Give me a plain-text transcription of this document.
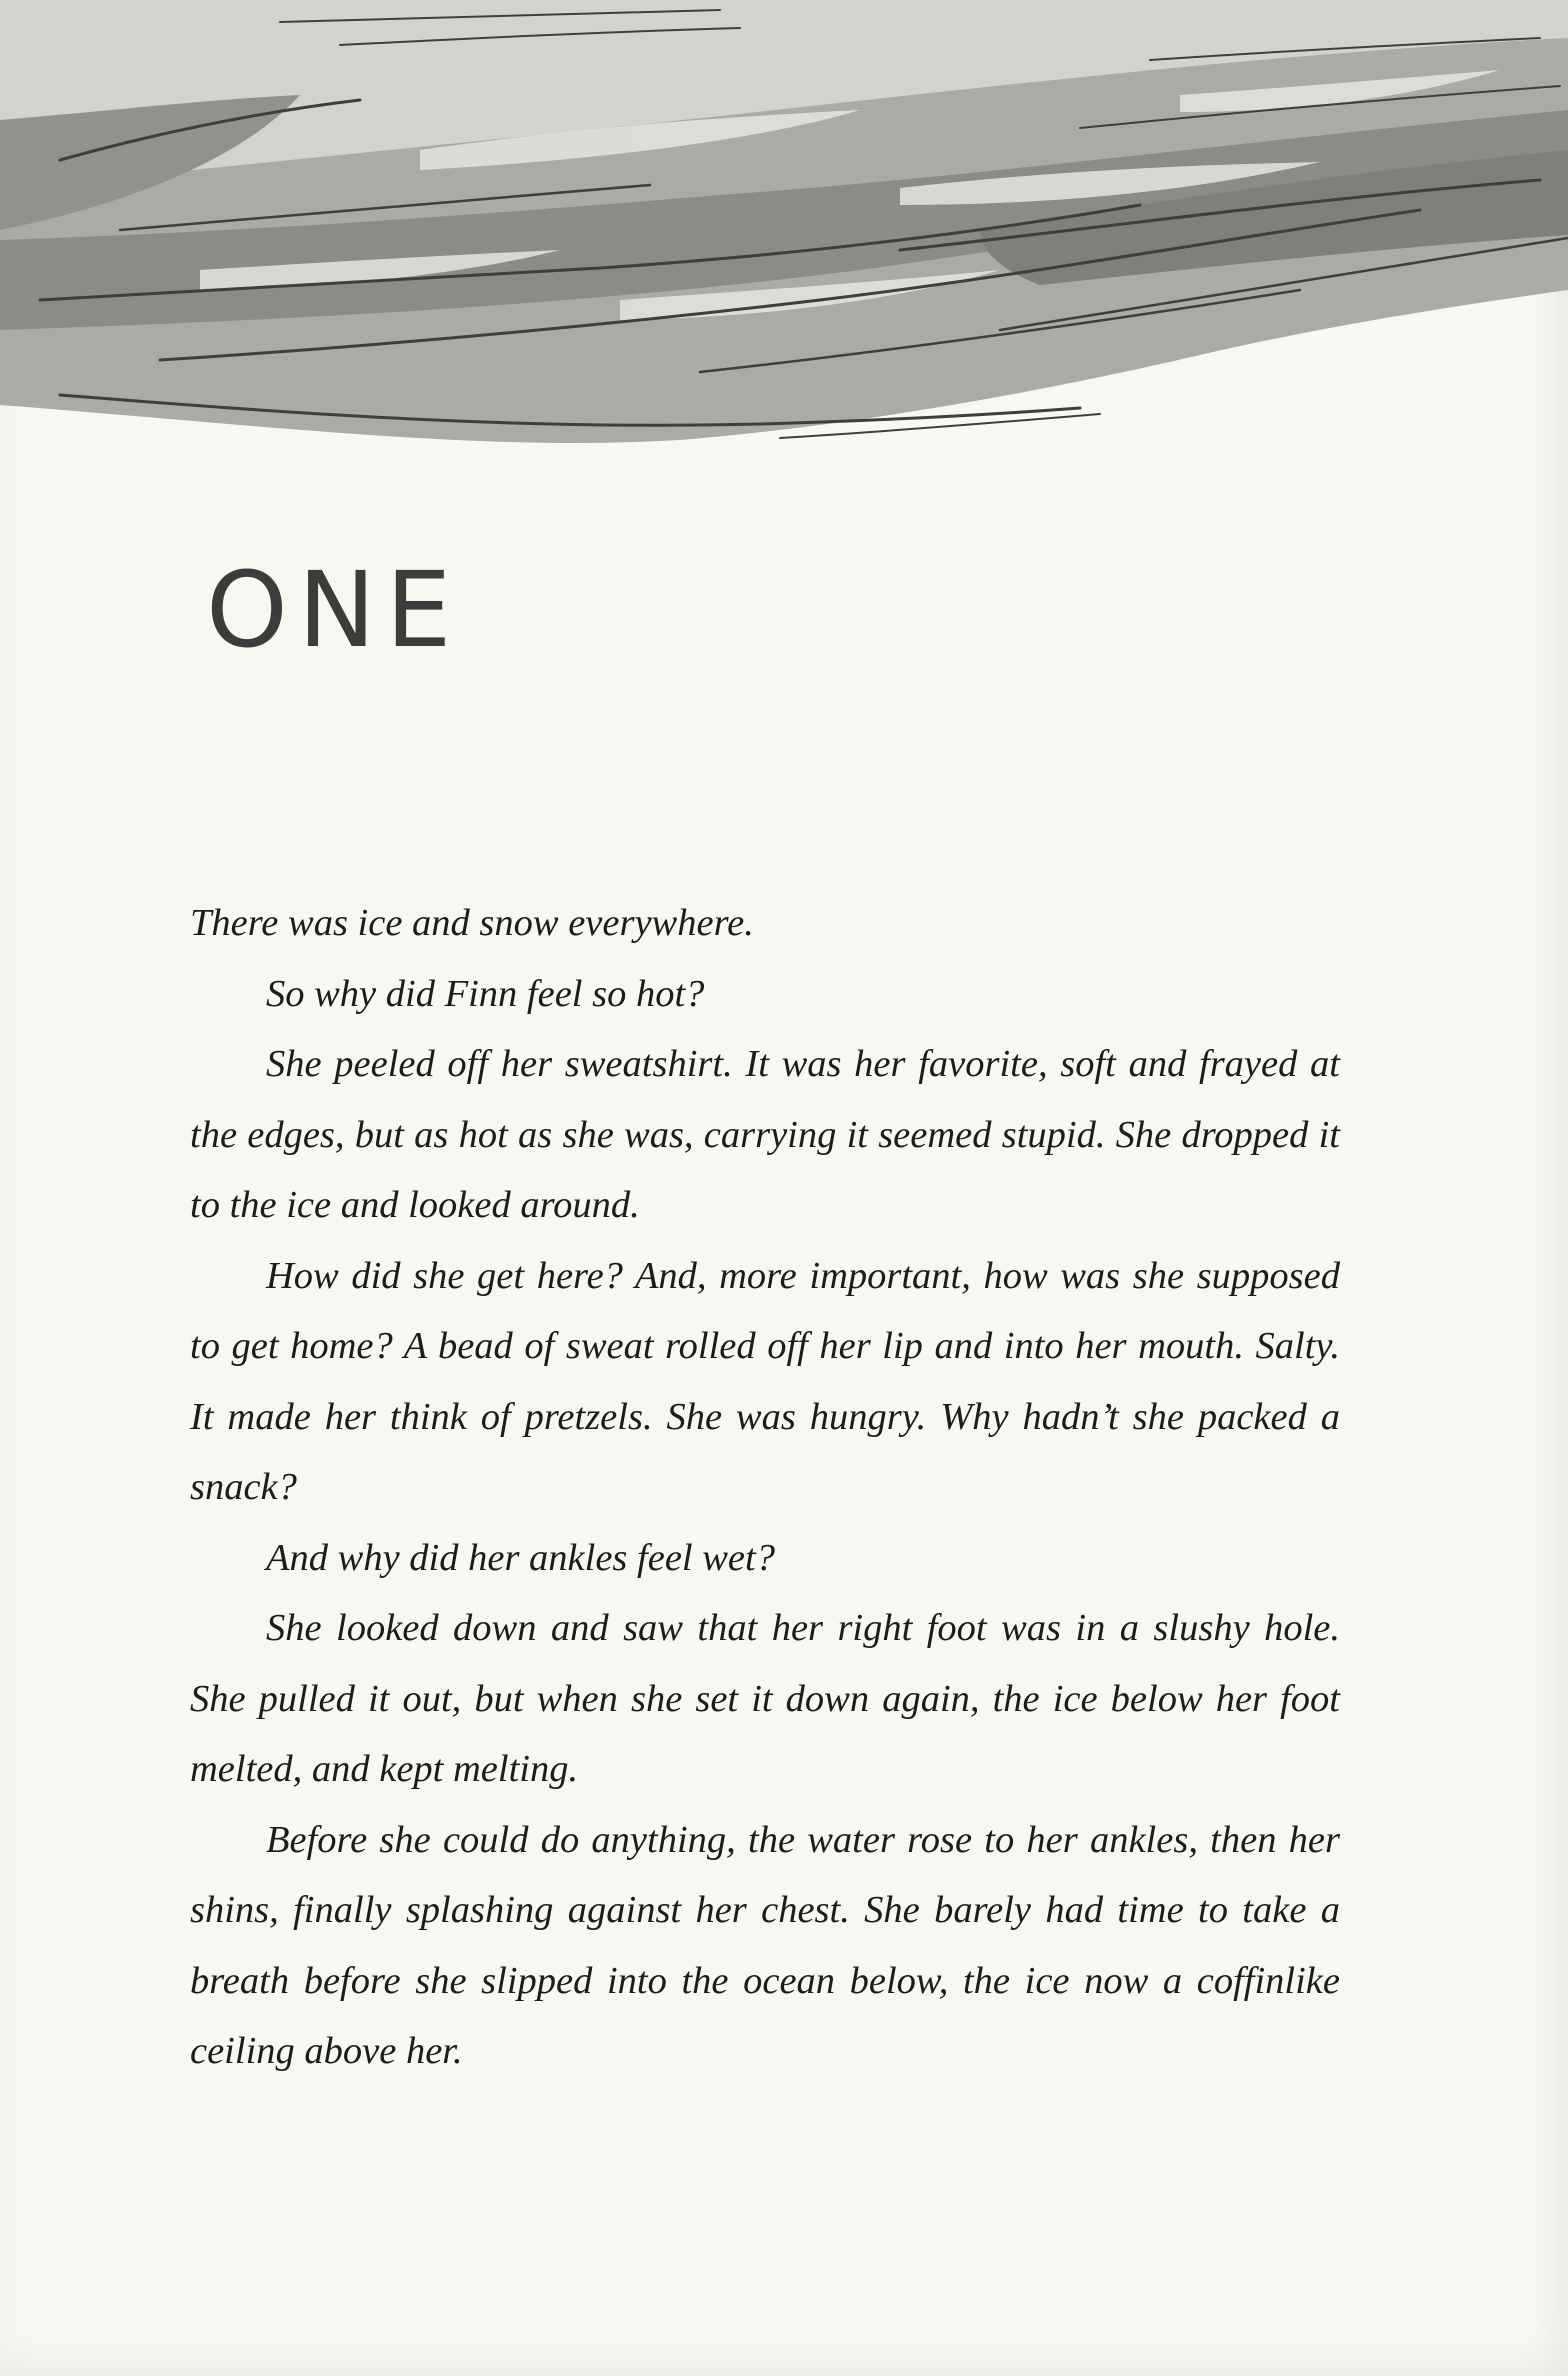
ONE

There was ice and snow everywhere.

So why did Finn feel so hot?

She peeled off her sweatshirt. It was her favorite, soft and frayed at the edges, but as hot as she was, carrying it seemed stupid. She dropped it to the ice and looked around.

How did she get here? And, more important, how was she supposed to get home? A bead of sweat rolled off her lip and into her mouth. Salty. It made her think of pretzels. She was hungry. Why hadn’t she packed a snack?

And why did her ankles feel wet?

She looked down and saw that her right foot was in a slushy hole. She pulled it out, but when she set it down again, the ice below her foot melted, and kept melting.

Before she could do anything, the water rose to her ankles, then her shins, finally splashing against her chest. She barely had time to take a breath before she slipped into the ocean below, the ice now a coffinlike ceiling above her.
